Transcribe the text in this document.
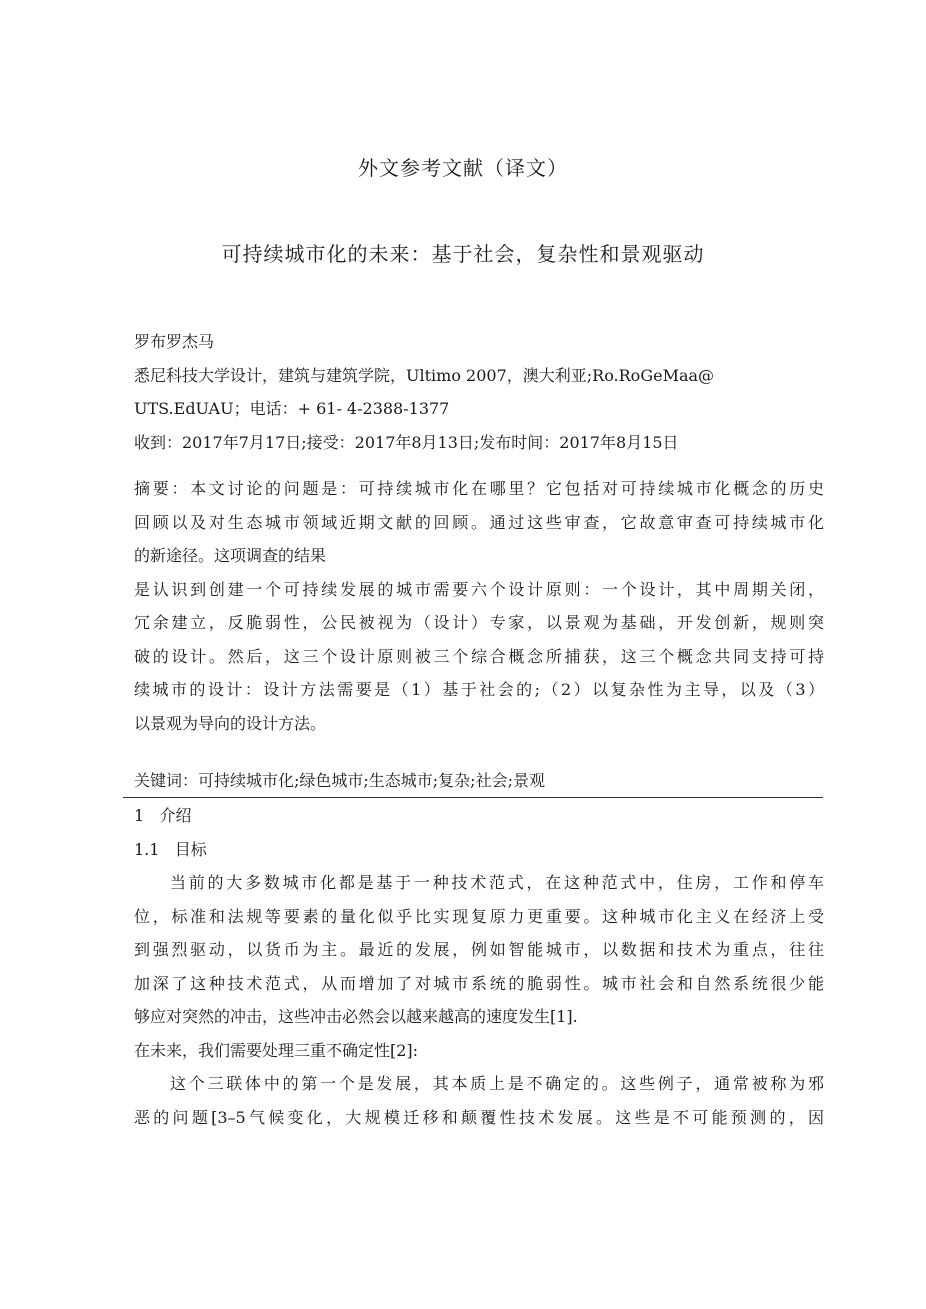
外文参考文献（译文）
可持续城市化的未来：基于社会，复杂性和景观驱动
罗布罗杰马
悉尼科技大学设计，建筑与建筑学院，Ultimo 2007，澳大利亚;Ro.RoGeMaa@
UTS.EdUAU；电话：+ 61- 4-2388-1377
收到：2017年7月17日;接受：2017年8月13日;发布时间：2017年8月15日
摘要：本文讨论的问题是：可持续城市化在哪里？它包括对可持续城市化概念的历史
回顾以及对生态城市领域近期文献的回顾。通过这些审查，它故意审查可持续城市化
的新途径。这项调查的结果
是认识到创建一个可持续发展的城市需要六个设计原则：一个设计，其中周期关闭，
冗余建立，反脆弱性，公民被视为（设计）专家，以景观为基础，开发创新，规则突
破的设计。然后，这三个设计原则被三个综合概念所捕获，这三个概念共同支持可持
续城市的设计：设计方法需要是（1）基于社会的;（2）以复杂性为主导，以及（3）
以景观为导向的设计方法。
关键词：可持续城市化;绿色城市;生态城市;复杂;社会;景观
1   介绍
1.1   目标
当前的大多数城市化都是基于一种技术范式，在这种范式中，住房，工作和停车
位，标准和法规等要素的量化似乎比实现复原力更重要。这种城市化主义在经济上受
到强烈驱动，以货币为主。最近的发展，例如智能城市，以数据和技术为重点，往往
加深了这种技术范式，从而增加了对城市系统的脆弱性。城市社会和自然系统很少能
够应对突然的冲击，这些冲击必然会以越来越高的速度发生[1].
在未来，我们需要处理三重不确定性[2]:
这个三联体中的第一个是发展，其本质上是不确定的。这些例子，通常被称为邪
恶的问题[3–5气候变化，大规模迁移和颠覆性技术发展。这些是不可能预测的，因
